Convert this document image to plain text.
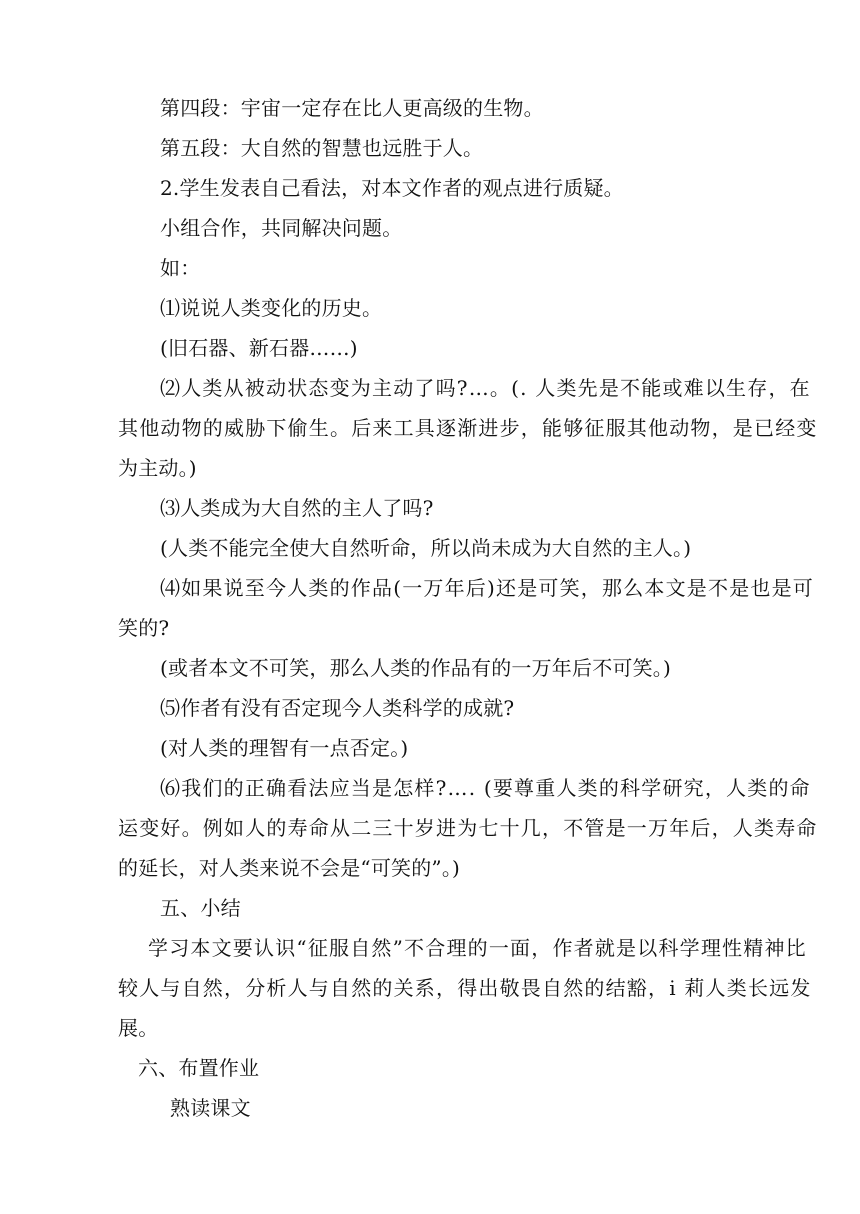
第四段：宇宙一定存在比人更高级的生物。
第五段：大自然的智慧也远胜于人。
2.学生发表自己看法，对本文作者的观点进行质疑。
小组合作，共同解决问题。
如：
⑴说说人类变化的历史。
(旧石器、新石器……)
⑵人类从被动状态变为主动了吗?…。(. 人类先是不能或难以生存，在
其他动物的威胁下偷生。后来工具逐渐进步，能够征服其他动物，是已经变
为主动。)
⑶人类成为大自然的主人了吗?
(人类不能完全使大自然听命，所以尚未成为大自然的主人。)
⑷如果说至今人类的作品(一万年后)还是可笑，那么本文是不是也是可
笑的?
(或者本文不可笑，那么人类的作品有的一万年后不可笑。)
⑸作者有没有否定现今人类科学的成就?
(对人类的理智有一点否定。)
⑹我们的正确看法应当是怎样?…. (要尊重人类的科学研究，人类的命
运变好。例如人的寿命从二三十岁进为七十几，不管是一万年后，人类寿命
的延长，对人类来说不会是“可笑的”。)
五、小结
学习本文要认识“征服自然”不合理的一面，作者就是以科学理性精神比
较人与自然，分析人与自然的关系，得出敬畏自然的结豁，i 莉人类长远发
展。
六、布置作业
熟读课文
